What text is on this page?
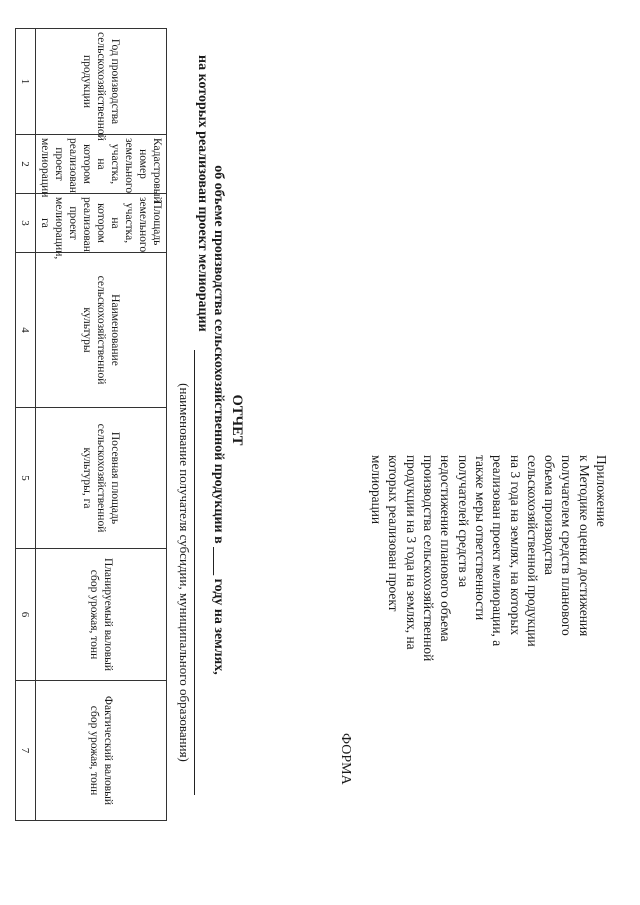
Приложение
к Методике оценки достижения
получателем средств планового
объема производства
сельскохозяйственной продукции
на 3 года на землях, на которых
реализован проект мелиорации, а
также меры ответственности
получателей средств за
недостижение планового объема
производства сельскохозяйственной
продукции на 3 года на землях, на
которых реализован проект
мелиорации
ФОРМА
ОТЧЕТ
об объеме производства сельскохозяйственной продукции в ____ году на землях,
на которых реализован проект мелиорации
(наименование получателя субсидии, муниципального образования)
Год производства сельскохозяйственной продукции	Кадастровый номер земельного участка, на котором реализован проект мелиорации	Площадь земельного участка, на котором реализован проект мелиорации, га	Наименование сельскохозяйственной культуры	Посевная площадь сельскохозяйственной культуры, га	Планируемый валовый сбор урожая, тонн	Фактический валовый сбор урожая, тонн
1	2	3	4	5	6	7
